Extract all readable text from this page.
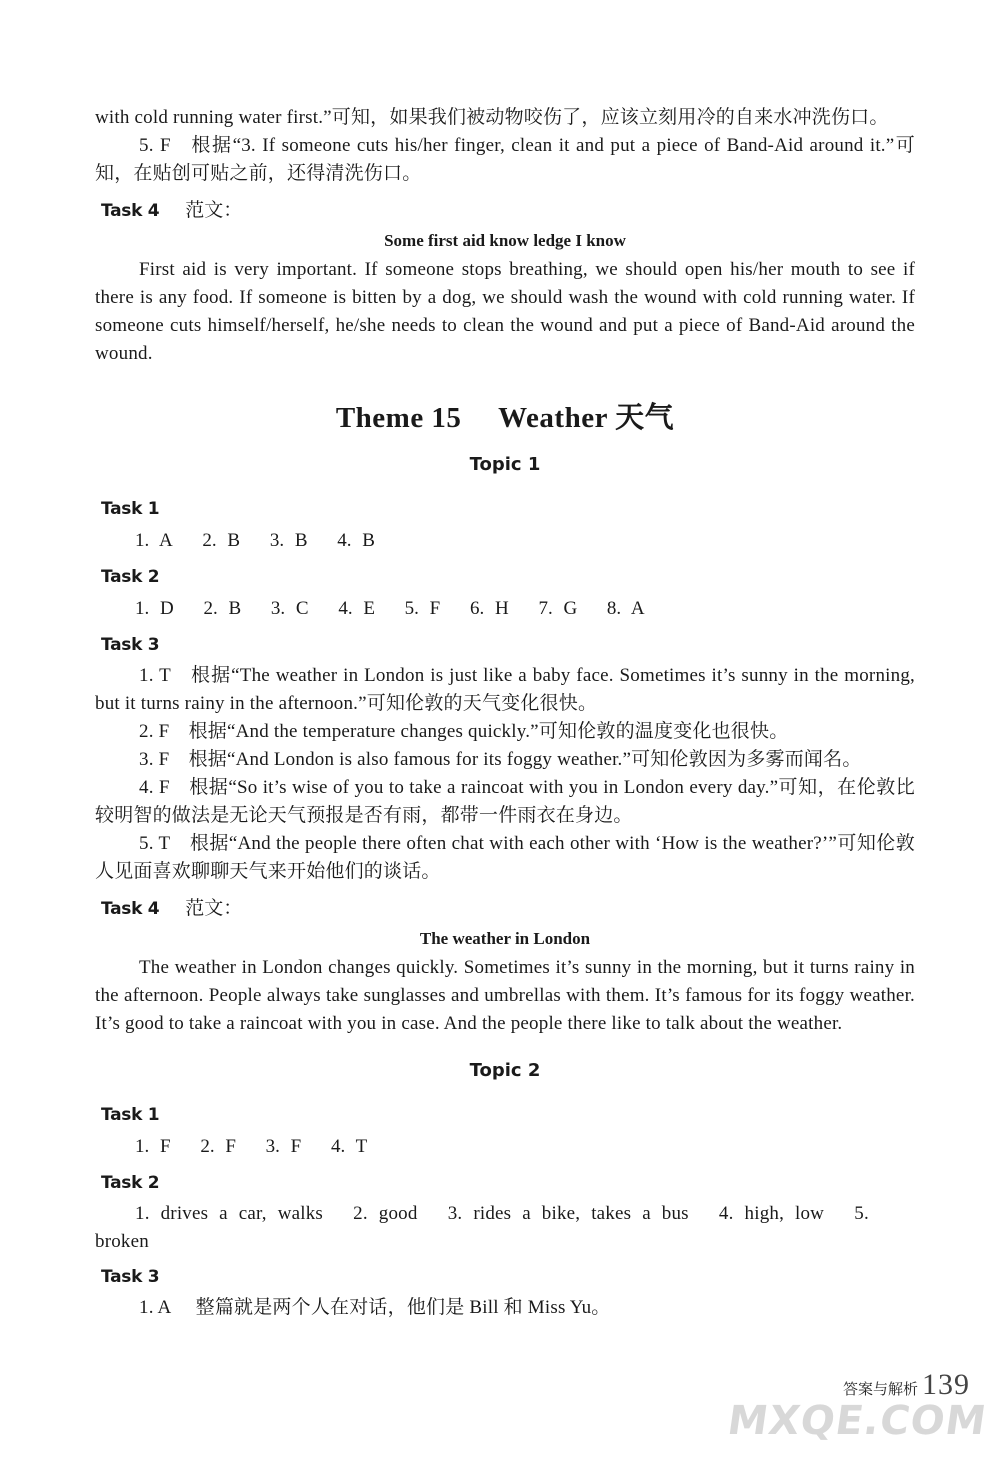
with cold running water first.”可知，如果我们被动物咬伤了，应该立刻用冷的自来水冲洗伤口。

5. F 根据“3. If someone cuts his/her finger, clean it and put a piece of Band-Aid around it.”可知，在贴创可贴之前，还得清洗伤口。

Task 4 范文：
Some first aid know ledge I know

First aid is very important. If someone stops breathing, we should open his/her mouth to see if there is any food. If someone is bitten by a dog, we should wash the wound with cold running water. If someone cuts himself/herself, he/she needs to clean the wound and put a piece of Band-Aid around the wound.

Theme 15  Weather 天气
Topic 1
Task 1
1. A  2. B  3. B  4. B
Task 2
1. D  2. B  3. C  4. E  5. F  6. H  7. G  8. A
Task 3

1. T 根据“The weather in London is just like a baby face. Sometimes it’s sunny in the morning, but it turns rainy in the afternoon.”可知伦敦的天气变化很快。

2. F 根据“And the temperature changes quickly.”可知伦敦的温度变化也很快。

3. F 根据“And London is also famous for its foggy weather.”可知伦敦因为多雾而闻名。

4. F 根据“So it’s wise of you to take a raincoat with you in London every day.”可知，在伦敦比较明智的做法是无论天气预报是否有雨，都带一件雨衣在身边。

5. T 根据“And the people there often chat with each other with ‘How is the weather?’”可知伦敦人见面喜欢聊聊天气来开始他们的谈话。

Task 4 范文：
The weather in London

The weather in London changes quickly. Sometimes it’s sunny in the morning, but it turns rainy in the afternoon. People always take sunglasses and umbrellas with them. It’s famous for its foggy weather. It’s good to take a raincoat with you in case. And the people there like to talk about the weather.

Topic 2
Task 1
1. F  2. F  3. F  4. T
Task 2

1. drives a car, walks  2. good  3. rides a bike, takes a bus  4. high, low  5. broken

Task 3

1. A  整篇就是两个人在对话，他们是 Bill 和 Miss Yu。

答案与解析 139
MXQE.COM
